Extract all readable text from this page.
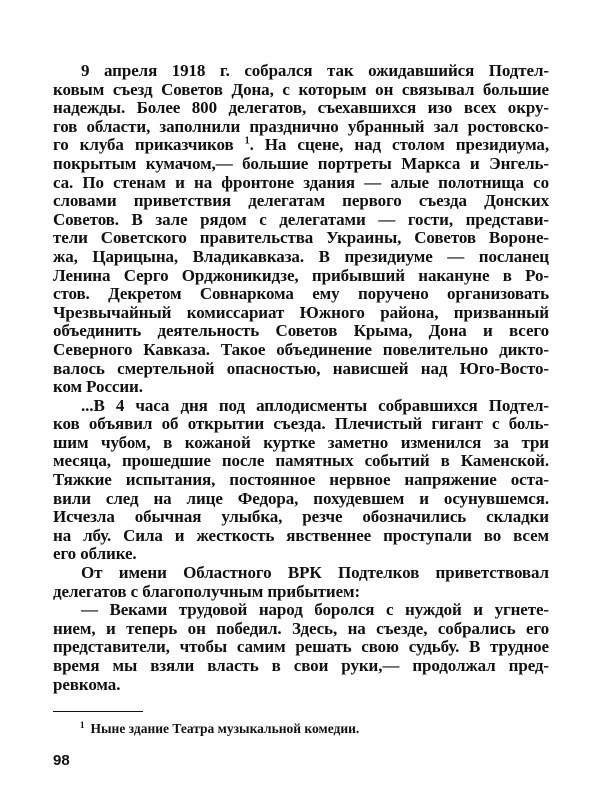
9 апреля 1918 г. собрался так ожидавшийся Подтел-
ковым съезд Советов Дона, с которым он связывал большие
надежды. Более 800 делегатов, съехавшихся изо всех окру-
гов области, заполнили празднично убранный зал ростовско-
го клуба приказчиков $^1$. На сцене, над столом президиума,
покрытым кумачом,— большие портреты Маркса и Энгель-
са. По стенам и на фронтоне здания — алые полотнища со
словами приветствия делегатам первого съезда Донских
Советов. В зале рядом с делегатами — гости, представи-
тели Советского правительства Украины, Советов Вороне-
жа, Царицына, Владикавказа. В президиуме — посланец
Ленина Серго Орджоникидзе, прибывший накануне в Ро-
стов. Декретом Совнаркома ему поручено организовать
Чрезвычайный комиссариат Южного района, призванный
объединить деятельность Советов Крыма, Дона и всего
Северного Кавказа. Такое объединение повелительно дикто-
валось смертельной опасностью, нависшей над Юго-Восто-
ком России.
...В 4 часа дня под аплодисменты собравшихся Подтел-
ков объявил об открытии съезда. Плечистый гигант с боль-
шим чубом, в кожаной куртке заметно изменился за три
месяца, прошедшие после памятных событий в Каменской.
Тяжкие испытания, постоянное нервное напряжение оста-
вили след на лице Федора, похудевшем и осунувшемся.
Исчезла обычная улыбка, резче обозначились складки
на лбу. Сила и жесткость явственнее проступали во всем
его облике.
От имени Областного ВРК Подтелков приветствовал
делегатов с благополучным прибытием:
— Веками трудовой народ боролся с нуждой и угнете-
нием, и теперь он победил. Здесь, на съезде, собрались его
представители, чтобы самим решать свою судьбу. В трудное
время мы взяли власть в свои руки,— продолжал пред-
ревкома.
$^1$ Ныне здание Театра музыкальной комедии.
98
